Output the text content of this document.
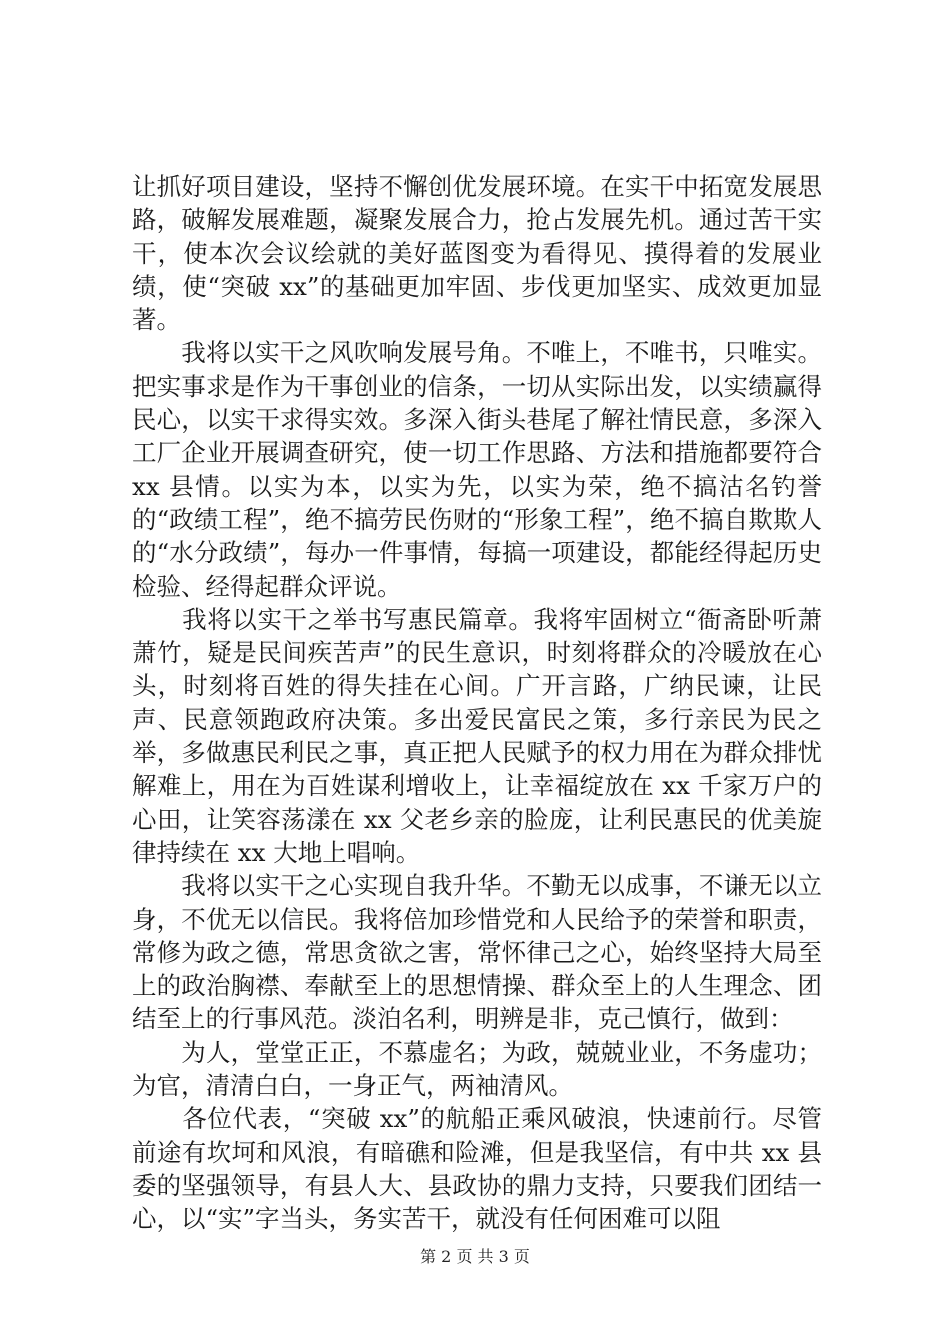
让抓好项目建设，坚持不懈创优发展环境。在实干中拓宽发展思路，破解发展难题，凝聚发展合力，抢占发展先机。通过苦干实干，使本次会议绘就的美好蓝图变为看得见、摸得着的发展业绩，使“突破 xx”的基础更加牢固、步伐更加坚实、成效更加显著。

　　我将以实干之风吹响发展号角。不唯上，不唯书，只唯实。把实事求是作为干事创业的信条，一切从实际出发，以实绩赢得民心，以实干求得实效。多深入街头巷尾了解社情民意，多深入工厂企业开展调查研究，使一切工作思路、方法和措施都要符合 xx 县情。以实为本，以实为先，以实为荣，绝不搞沽名钓誉的“政绩工程”，绝不搞劳民伤财的“形象工程”，绝不搞自欺欺人的“水分政绩”，每办一件事情，每搞一项建设，都能经得起历史检验、经得起群众评说。

　　我将以实干之举书写惠民篇章。我将牢固树立“衙斋卧听萧萧竹，疑是民间疾苦声”的民生意识，时刻将群众的冷暖放在心头，时刻将百姓的得失挂在心间。广开言路，广纳民谏，让民声、民意领跑政府决策。多出爱民富民之策，多行亲民为民之举，多做惠民利民之事，真正把人民赋予的权力用在为群众排忧解难上，用在为百姓谋利增收上，让幸福绽放在 xx 千家万户的心田，让笑容荡漾在 xx 父老乡亲的脸庞，让利民惠民的优美旋律持续在 xx 大地上唱响。

　　我将以实干之心实现自我升华。不勤无以成事，不谦无以立身，不优无以信民。我将倍加珍惜党和人民给予的荣誉和职责，常修为政之德，常思贪欲之害，常怀律己之心，始终坚持大局至上的政治胸襟、奉献至上的思想情操、群众至上的人生理念、团结至上的行事风范。淡泊名利，明辨是非，克己慎行，做到：

　　为人，堂堂正正，不慕虚名；为政，兢兢业业，不务虚功；为官，清清白白，一身正气，两袖清风。

　　各位代表，“突破 xx”的航船正乘风破浪，快速前行。尽管前途有坎坷和风浪，有暗礁和险滩，但是我坚信，有中共 xx 县委的坚强领导，有县人大、县政协的鼎力支持，只要我们团结一心，以“实”字当头，务实苦干，就没有任何困难可以阻

第 2 页 共 3 页
